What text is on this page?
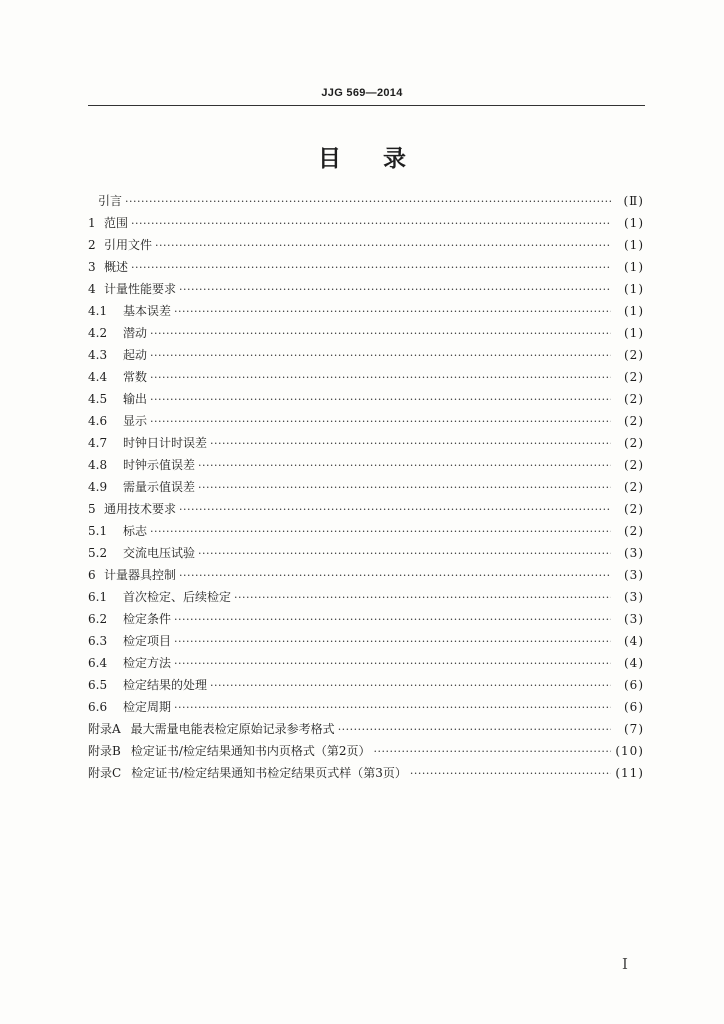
JJG 569—2014
目录
引言 ·····	(Ⅱ)
1 范围 ·····	(1)
2 引用文件 ·····	(1)
3 概述 ·····	(1)
4 计量性能要求 ·····	(1)
4.1	基本误差 ·····	(1)
4.2	潜动 ·····	(1)
4.3	起动 ·····	(2)
4.4	常数 ·····	(2)
4.5	输出 ·····	(2)
4.6	显示 ·····	(2)
4.7	时钟日计时误差 ·····	(2)
4.8	时钟示值误差 ·····	(2)
4.9	需量示值误差 ·····	(2)
5 通用技术要求 ·····	(2)
5.1	标志 ·····	(2)
5.2	交流电压试验 ·····	(3)
6 计量器具控制 ·····	(3)
6.1	首次检定、后续检定 ·····	(3)
6.2	检定条件 ·····	(3)
6.3	检定项目 ·····	(4)
6.4	检定方法 ·····	(4)
6.5	检定结果的处理 ·····	(6)
6.6	检定周期 ·····	(6)
附录A 最大需量电能表检定原始记录参考格式 ·····	(7)
附录B 检定证书/检定结果通知书内页格式（第2页） ·····	(10)
附录C 检定证书/检定结果通知书检定结果页式样（第3页） ·····	(11)
I
